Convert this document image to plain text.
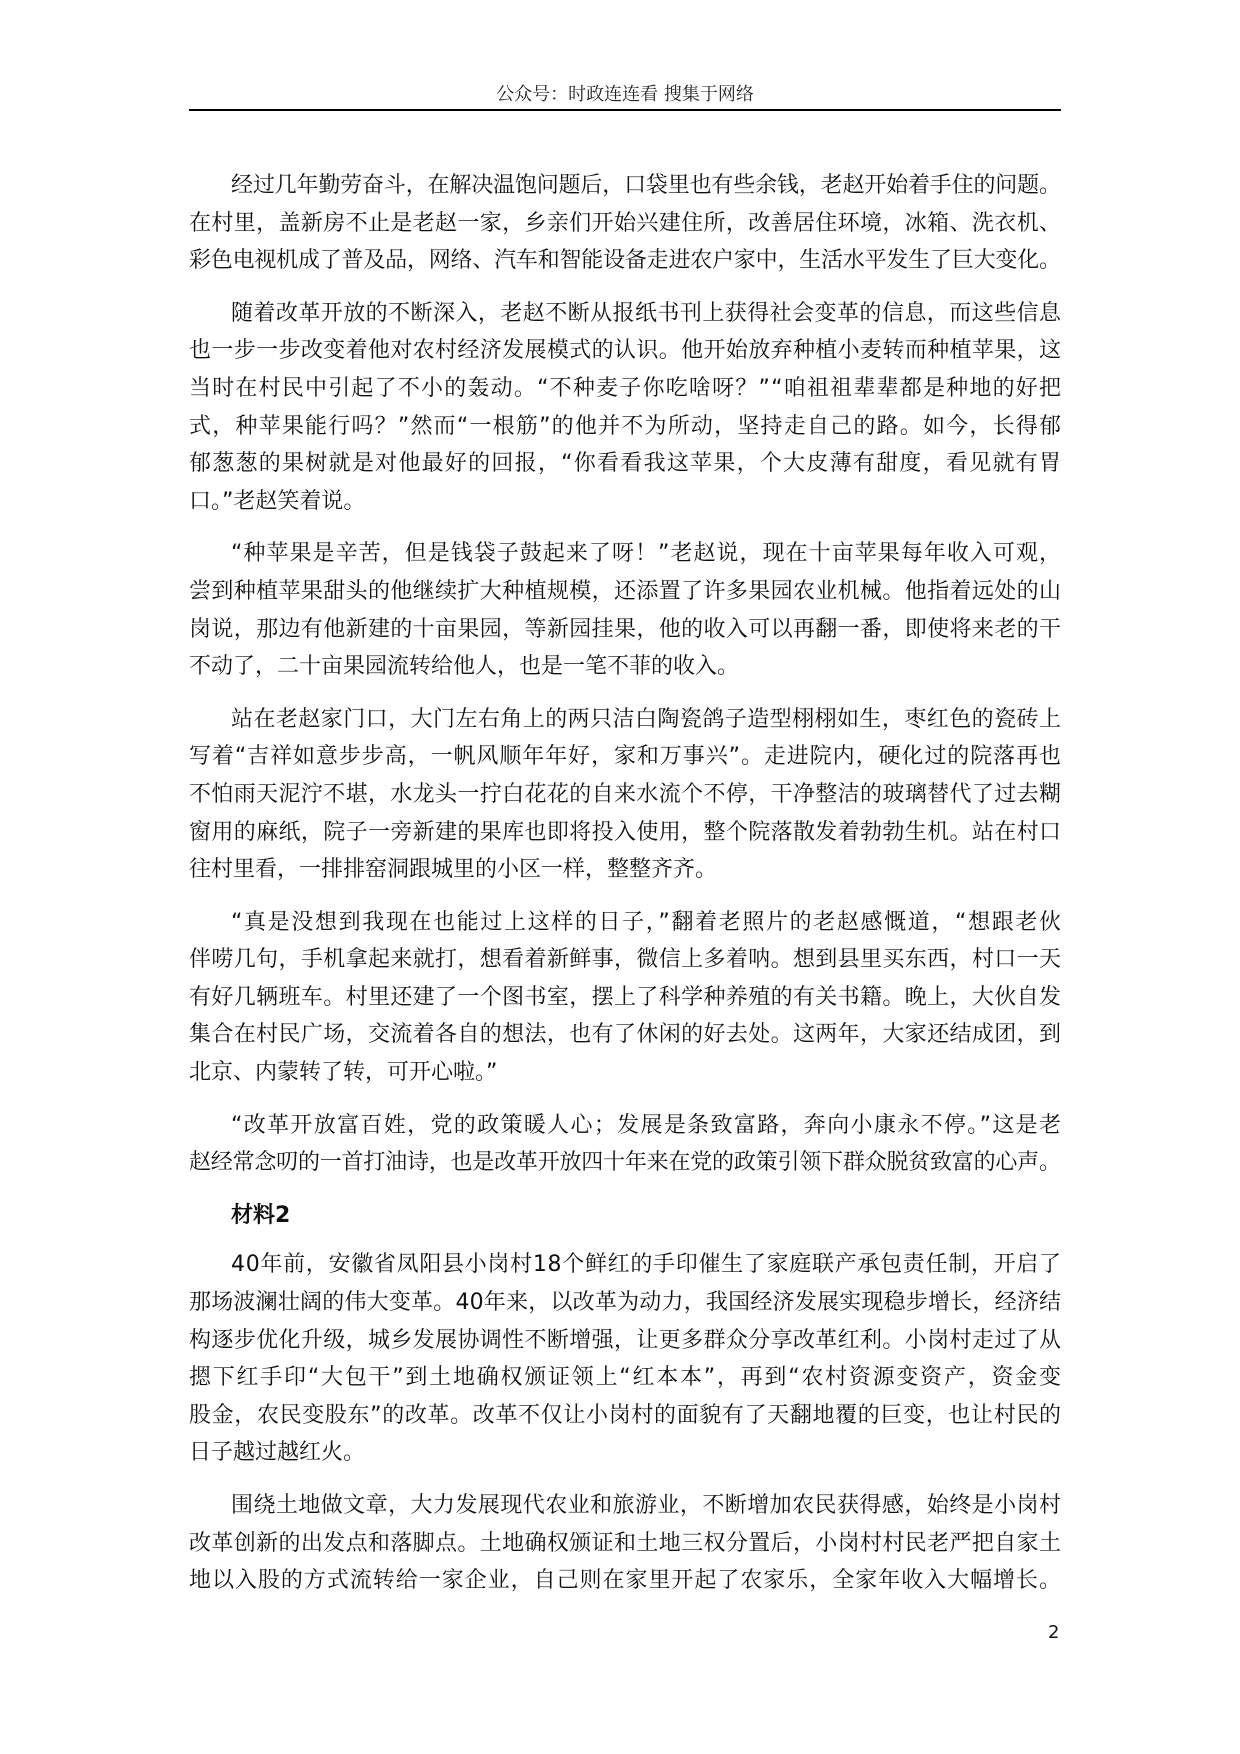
公众号：时政连连看 搜集于网络
经过几年勤劳奋斗，在解决温饱问题后，口袋里也有些余钱，老赵开始着手住的问题。
在村里，盖新房不止是老赵一家，乡亲们开始兴建住所，改善居住环境，冰箱、洗衣机、
彩色电视机成了普及品，网络、汽车和智能设备走进农户家中，生活水平发生了巨大变化。
随着改革开放的不断深入，老赵不断从报纸书刊上获得社会变革的信息，而这些信息
也一步一步改变着他对农村经济发展模式的认识。他开始放弃种植小麦转而种植苹果，这
当时在村民中引起了不小的轰动。“不种麦子你吃啥呀？”“咱祖祖辈辈都是种地的好把
式，种苹果能行吗？”然而“一根筋”的他并不为所动，坚持走自己的路。如今，长得郁
郁葱葱的果树就是对他最好的回报，“你看看我这苹果，个大皮薄有甜度，看见就有胃
口。”老赵笑着说。
“种苹果是辛苦，但是钱袋子鼓起来了呀！”老赵说，现在十亩苹果每年收入可观，
尝到种植苹果甜头的他继续扩大种植规模，还添置了许多果园农业机械。他指着远处的山
岗说，那边有他新建的十亩果园，等新园挂果，他的收入可以再翻一番，即使将来老的干
不动了，二十亩果园流转给他人，也是一笔不菲的收入。
站在老赵家门口，大门左右角上的两只洁白陶瓷鸽子造型栩栩如生，枣红色的瓷砖上
写着“吉祥如意步步高，一帆风顺年年好，家和万事兴”。走进院内，硬化过的院落再也
不怕雨天泥泞不堪，水龙头一拧白花花的自来水流个不停，干净整洁的玻璃替代了过去糊
窗用的麻纸，院子一旁新建的果库也即将投入使用，整个院落散发着勃勃生机。站在村口
往村里看，一排排窑洞跟城里的小区一样，整整齐齐。
“真是没想到我现在也能过上这样的日子，”翻着老照片的老赵感慨道，“想跟老伙
伴唠几句，手机拿起来就打，想看着新鲜事，微信上多着呐。想到县里买东西，村口一天
有好几辆班车。村里还建了一个图书室，摆上了科学种养殖的有关书籍。晚上，大伙自发
集合在村民广场，交流着各自的想法，也有了休闲的好去处。这两年，大家还结成团，到
北京、内蒙转了转，可开心啦。”
“改革开放富百姓，党的政策暖人心；发展是条致富路，奔向小康永不停。”这是老
赵经常念叨的一首打油诗，也是改革开放四十年来在党的政策引领下群众脱贫致富的心声。
材料2
40年前，安徽省凤阳县小岗村18个鲜红的手印催生了家庭联产承包责任制，开启了
那场波澜壮阔的伟大变革。40年来，以改革为动力，我国经济发展实现稳步增长，经济结
构逐步优化升级，城乡发展协调性不断增强，让更多群众分享改革红利。小岗村走过了从
摁下红手印“大包干”到土地确权颁证领上“红本本”，再到“农村资源变资产，资金变
股金，农民变股东”的改革。改革不仅让小岗村的面貌有了天翻地覆的巨变，也让村民的
日子越过越红火。
围绕土地做文章，大力发展现代农业和旅游业，不断增加农民获得感，始终是小岗村
改革创新的出发点和落脚点。土地确权颁证和土地三权分置后，小岗村村民老严把自家土
地以入股的方式流转给一家企业，自己则在家里开起了农家乐，全家年收入大幅增长。
2
